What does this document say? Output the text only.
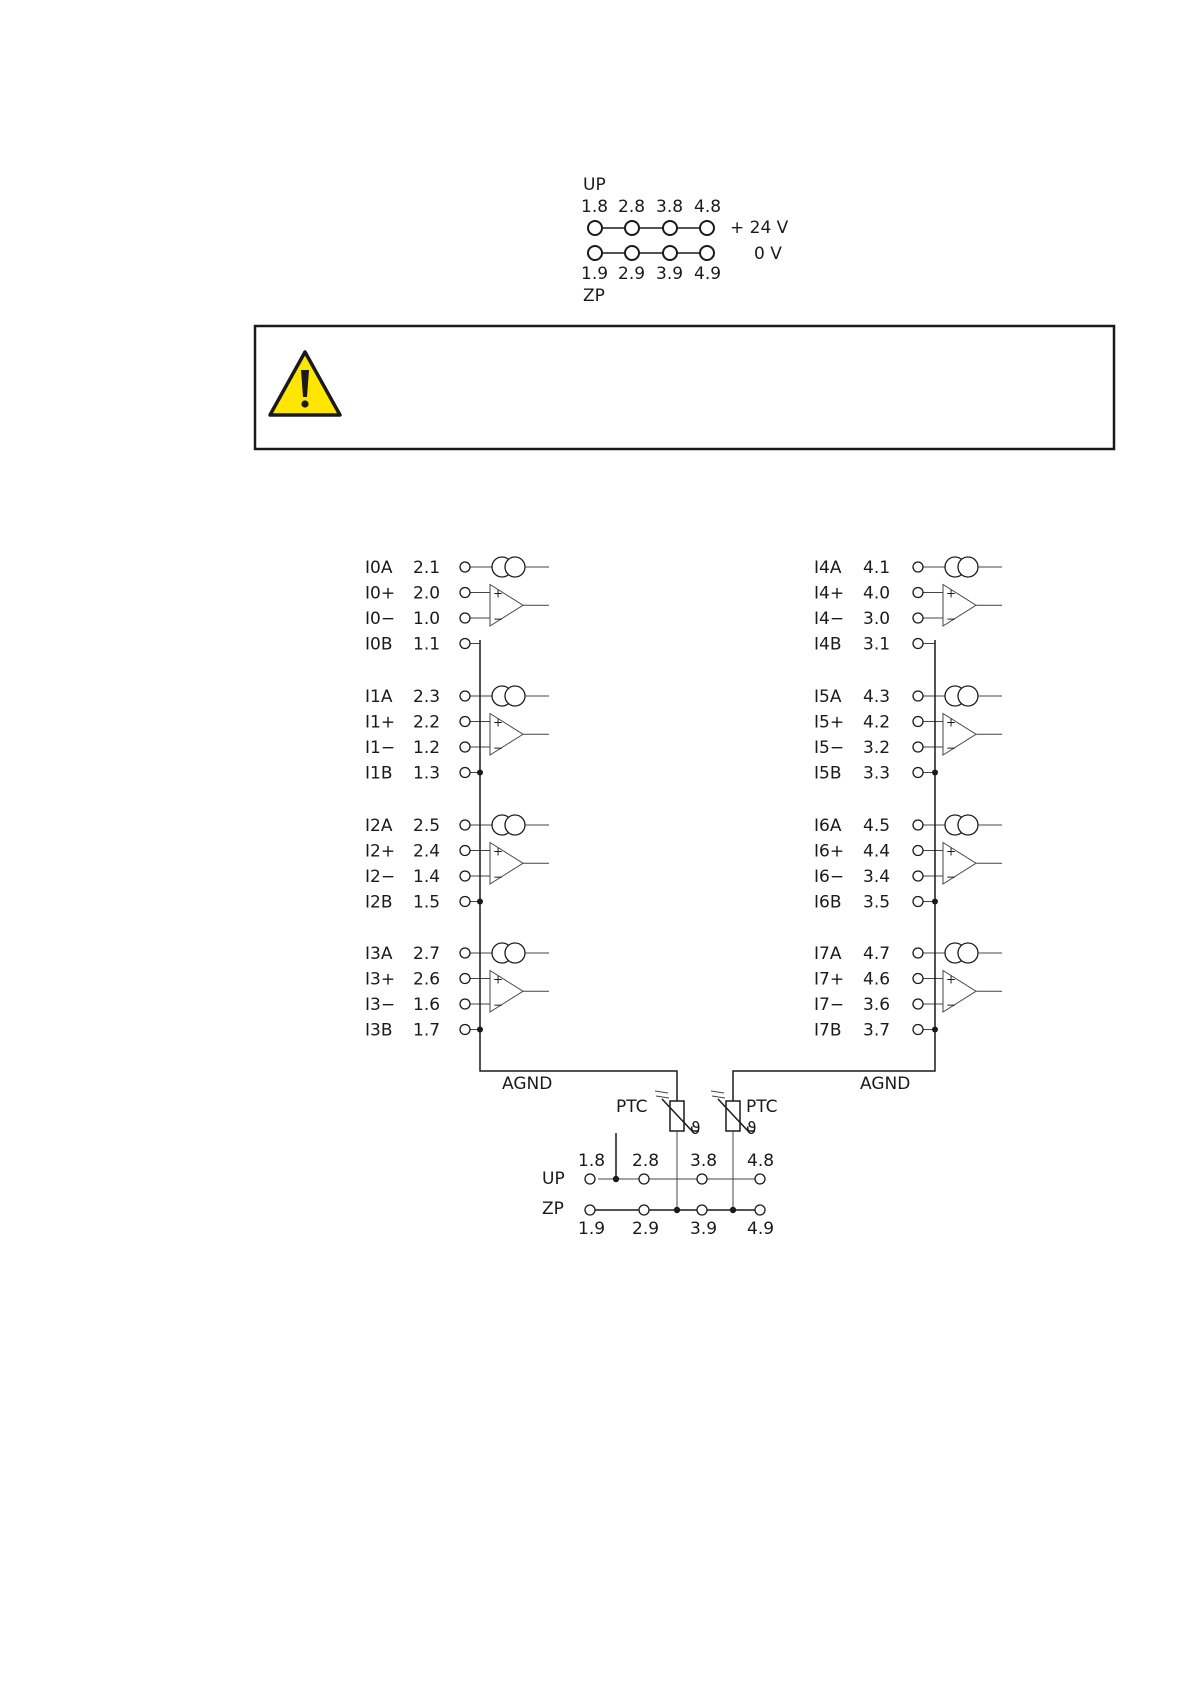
UP
1.8 2.8 3.8 4.8
+ 24 V
0 V
1.9 2.9 3.9 4.9
ZP
I0A 2.1
I0+ 2.0
I0− 1.0
I0B 1.1
+
−
I1A 2.3
I1+ 2.2
I1− 1.2
I1B 1.3
+
−
I2A 2.5
I2+ 2.4
I2− 1.4
I2B 1.5
+
−
I3A 2.7
I3+ 2.6
I3− 1.6
I3B 1.7
+
−
I4A 4.1
I4+ 4.0
I4− 3.0
I4B 3.1
+
−
I5A 4.3
I5+ 4.2
I5− 3.2
I5B 3.3
+
−
I6A 4.5
I6+ 4.4
I6− 3.4
I6B 3.5
+
−
I7A 4.7
I7+ 4.6
I7− 3.6
I7B 3.7
+
−
AGND	AGND
PTC
ϑ
PTC
ϑ
1.8 2.8 3.8 4.8
UP
ZP
1.9 2.9 3.9 4.9
